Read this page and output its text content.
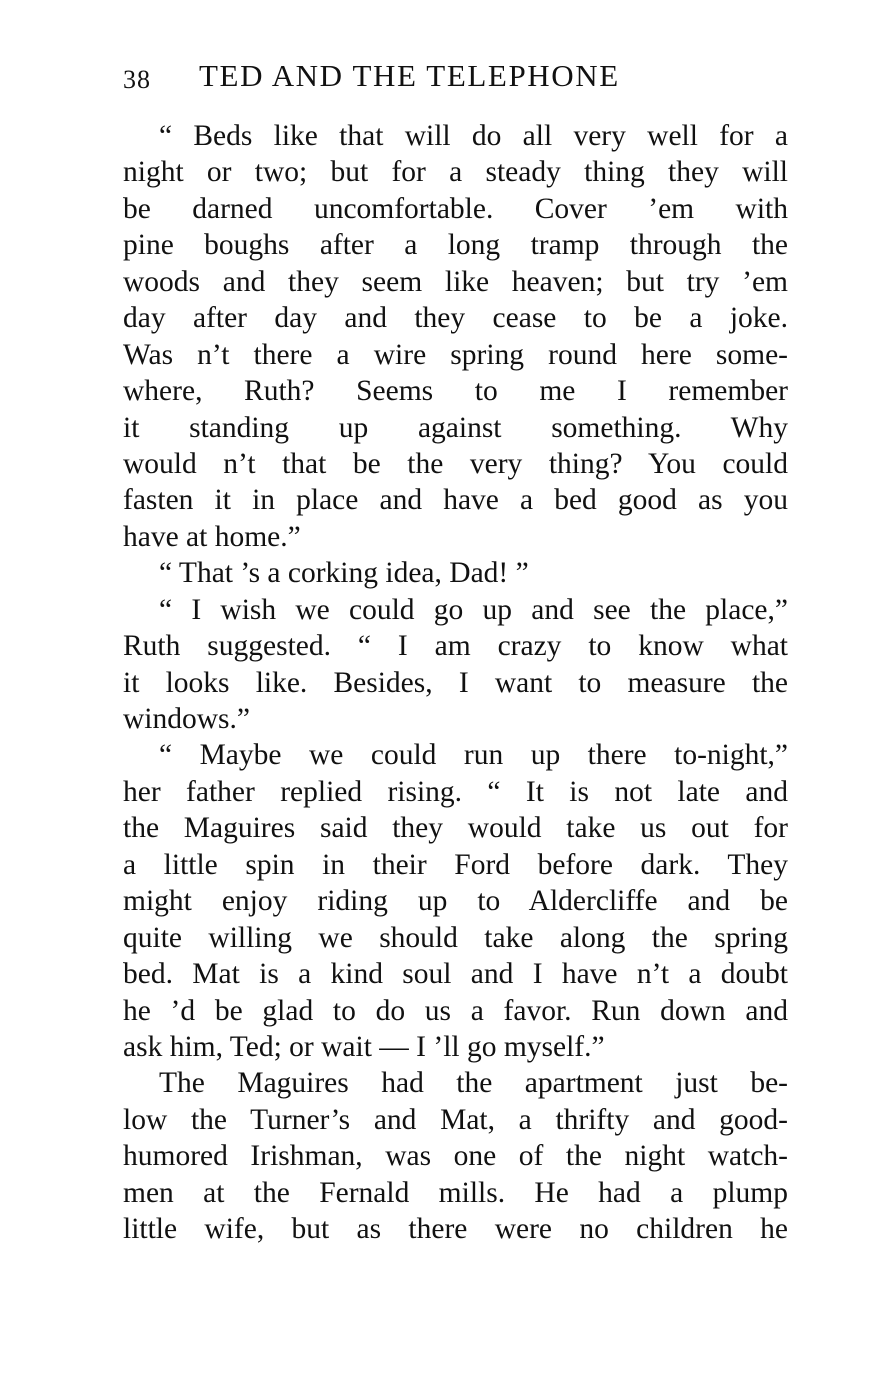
38 TED AND THE TELEPHONE
“ Beds like that will do all very well for a
night or two; but for a steady thing they will
be darned uncomfortable. Cover ’em with
pine boughs after a long tramp through the
woods and they seem like heaven; but try ’em
day after day and they cease to be a joke.
Was n’t there a wire spring round here some-
where, Ruth? Seems to me I remember
it standing up against something. Why
would n’t that be the very thing? You could
fasten it in place and have a bed good as you
have at home.”
“ That ’s a corking idea, Dad! ”
“ I wish we could go up and see the place,”
Ruth suggested. “ I am crazy to know what
it looks like. Besides, I want to measure the
windows.”
“ Maybe we could run up there to-night,”
her father replied rising. “ It is not late and
the Maguires said they would take us out for
a little spin in their Ford before dark. They
might enjoy riding up to Aldercliffe and be
quite willing we should take along the spring
bed. Mat is a kind soul and I have n’t a doubt
he ’d be glad to do us a favor. Run down and
ask him, Ted; or wait — I ’ll go myself.”
The Maguires had the apartment just be-
low the Turner’s and Mat, a thrifty and good-
humored Irishman, was one of the night watch-
men at the Fernald mills. He had a plump
little wife, but as there were no children he
